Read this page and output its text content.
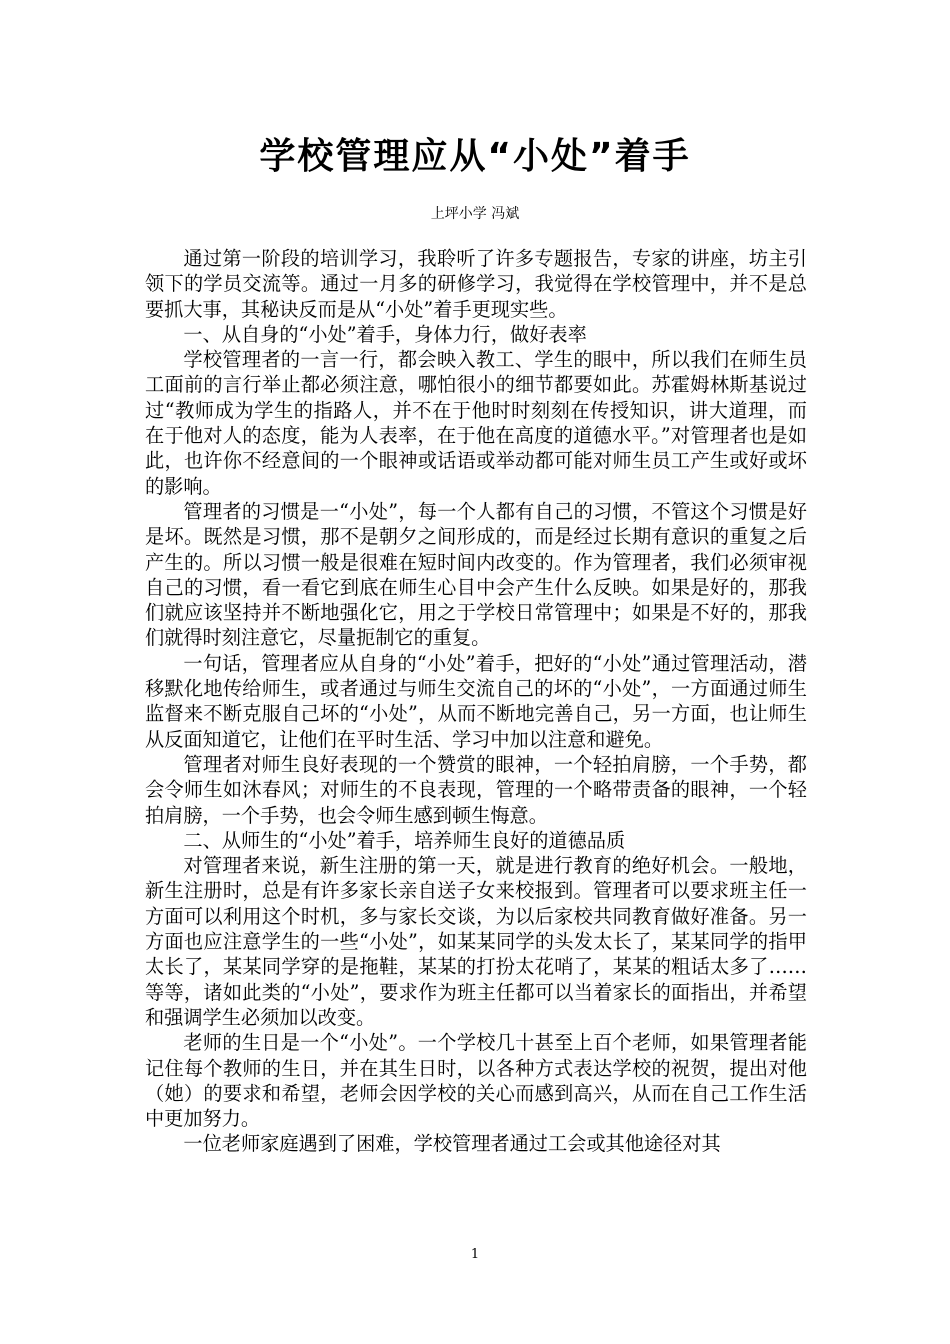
学校管理应从“小处”着手

上坪小学 冯斌

通过第一阶段的培训学习，我聆听了许多专题报告，专家的讲座，坊主引领下的学员交流等。通过一月多的研修学习，我觉得在学校管理中，并不是总要抓大事，其秘诀反而是从“小处”着手更现实些。

一、从自身的“小处”着手，身体力行，做好表率

学校管理者的一言一行，都会映入教工、学生的眼中，所以我们在师生员工面前的言行举止都必须注意，哪怕很小的细节都要如此。苏霍姆林斯基说过过“教师成为学生的指路人，并不在于他时时刻刻在传授知识，讲大道理，而在于他对人的态度，能为人表率，在于他在高度的道德水平。”对管理者也是如此，也许你不经意间的一个眼神或话语或举动都可能对师生员工产生或好或坏的影响。

管理者的习惯是一“小处”，每一个人都有自己的习惯，不管这个习惯是好是坏。既然是习惯，那不是朝夕之间形成的，而是经过长期有意识的重复之后产生的。所以习惯一般是很难在短时间内改变的。作为管理者，我们必须审视自己的习惯，看一看它到底在师生心目中会产生什么反映。如果是好的，那我们就应该坚持并不断地强化它，用之于学校日常管理中；如果是不好的，那我们就得时刻注意它，尽量扼制它的重复。

一句话，管理者应从自身的“小处”着手，把好的“小处”通过管理活动，潜移默化地传给师生，或者通过与师生交流自己的坏的“小处”，一方面通过师生监督来不断克服自己坏的“小处”，从而不断地完善自己，另一方面，也让师生从反面知道它，让他们在平时生活、学习中加以注意和避免。

管理者对师生良好表现的一个赞赏的眼神，一个轻拍肩膀，一个手势，都会令师生如沐春风；对师生的不良表现，管理的一个略带责备的眼神，一个轻拍肩膀，一个手势，也会令师生感到顿生悔意。

二、从师生的“小处”着手，培养师生良好的道德品质

对管理者来说，新生注册的第一天，就是进行教育的绝好机会。一般地，新生注册时，总是有许多家长亲自送子女来校报到。管理者可以要求班主任一方面可以利用这个时机，多与家长交谈，为以后家校共同教育做好准备。另一方面也应注意学生的一些“小处”，如某某同学的头发太长了，某某同学的指甲太长了，某某同学穿的是拖鞋，某某的打扮太花哨了，某某的粗话太多了……等等，诸如此类的“小处”，要求作为班主任都可以当着家长的面指出，并希望和强调学生必须加以改变。

老师的生日是一个“小处”。一个学校几十甚至上百个老师，如果管理者能记住每个教师的生日，并在其生日时，以各种方式表达学校的祝贺，提出对他（她）的要求和希望，老师会因学校的关心而感到高兴，从而在自己工作生活中更加努力。

一位老师家庭遇到了困难，学校管理者通过工会或其他途径对其

1
